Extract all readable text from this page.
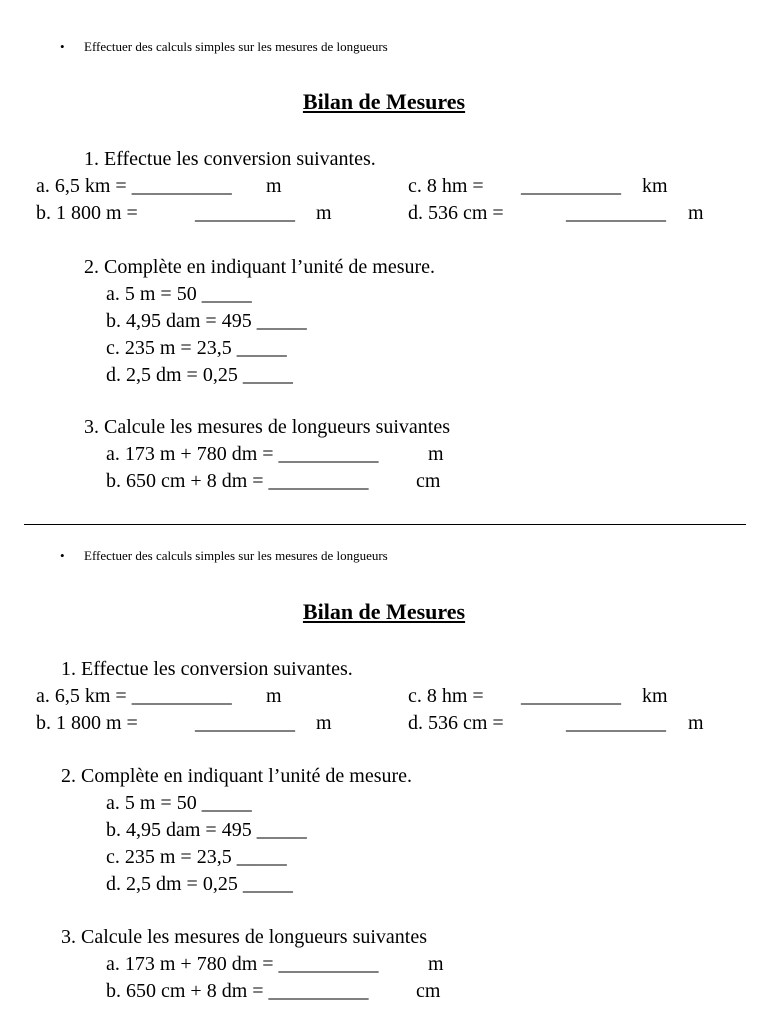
• Effectuer des calculs simples sur les mesures de longueurs
Bilan de Mesures
1. Effectue les conversion suivantes.
a. 6,5 km = __________ m
b. 1 800 m =	__________ m
c. 8 hm = __________ km
d. 536 cm =	__________ m
2. Complète en indiquant l’unité de mesure.
a. 5 m = 50 _____
b. 4,95 dam = 495 _____
c. 235 m = 23,5 _____
d. 2,5 dm = 0,25 _____
3. Calcule les mesures de longueurs suivantes
a. 173 m + 780 dm = __________ m
b. 650 cm + 8 dm = __________ cm
• Effectuer des calculs simples sur les mesures de longueurs
Bilan de Mesures
1. Effectue les conversion suivantes.
a. 6,5 km = __________ m
b. 1 800 m =	__________ m
c. 8 hm = __________ km
d. 536 cm =	__________ m
2. Complète en indiquant l’unité de mesure.
a. 5 m = 50 _____
b. 4,95 dam = 495 _____
c. 235 m = 23,5 _____
d. 2,5 dm = 0,25 _____
3. Calcule les mesures de longueurs suivantes
a. 173 m + 780 dm = __________ m
b. 650 cm + 8 dm = __________ cm
